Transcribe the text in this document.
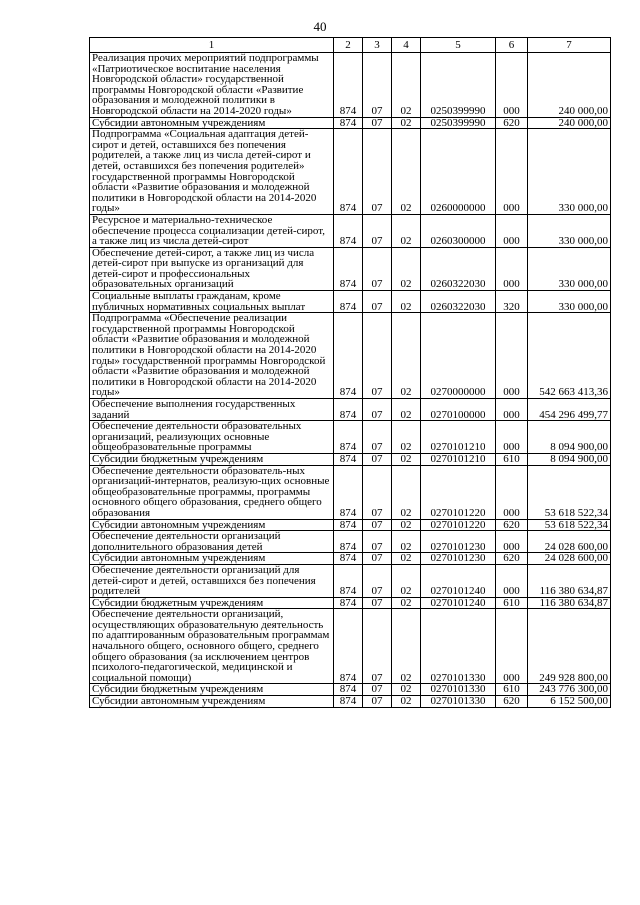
40
1	2	3	4	5	6	7
Реализация прочих мероприятий подпрограммы «Патриотическое воспитание населения Новгородской области» государственной программы Новгородской области «Развитие образования и молодежной политики в Новгородской области на 2014-2020 годы»	874	07	02	0250399990	000	240 000,00
Субсидии автономным учреждениям	874	07	02	0250399990	620	240 000,00
Подпрограмма «Социальная адаптация детей-сирот и детей, оставшихся без попечения родителей, а также лиц из числа детей-сирот и детей, оставшихся без попечения родителей» государственной программы Новгородской области «Развитие образования и молодежной политики в Новгородской области на 2014-2020 годы»	874	07	02	0260000000	000	330 000,00
Ресурсное и материально-техническое обеспечение процесса социализации детей-сирот, а также лиц из числа детей-сирот	874	07	02	0260300000	000	330 000,00
Обеспечение детей-сирот, а также лиц из числа детей-сирот при выпуске из организаций для детей-сирот и профессиональных образовательных организаций	874	07	02	0260322030	000	330 000,00
Социальные выплаты гражданам, кроме публичных нормативных социальных выплат	874	07	02	0260322030	320	330 000,00
Подпрограмма «Обеспечение реализации государственной программы Новгородской области «Развитие образования и молодежной политики в Новгородской области на 2014-2020 годы» государственной программы Новгородской области «Развитие образования и молодежной политики в Новгородской области на 2014-2020 годы»	874	07	02	0270000000	000	542 663 413,36
Обеспечение выполнения государственных заданий	874	07	02	0270100000	000	454 296 499,77
Обеспечение деятельности образовательных организаций, реализующих основные общеобразовательные программы	874	07	02	0270101210	000	8 094 900,00
Субсидии бюджетным учреждениям	874	07	02	0270101210	610	8 094 900,00
Обеспечение деятельности образователь-ных организаций-интернатов, реализую-щих основные общеобразовательные программы, программы основного общего образования, среднего общего образования	874	07	02	0270101220	000	53 618 522,34
Субсидии автономным учреждениям	874	07	02	0270101220	620	53 618 522,34
Обеспечение деятельности организаций дополнительного образования детей	874	07	02	0270101230	000	24 028 600,00
Субсидии автономным учреждениям	874	07	02	0270101230	620	24 028 600,00
Обеспечение деятельности организаций для детей-сирот и детей, оставшихся без попечения родителей	874	07	02	0270101240	000	116 380 634,87
Субсидии бюджетным учреждениям	874	07	02	0270101240	610	116 380 634,87
Обеспечение деятельности организаций, осуществляющих образовательную деятельность по адаптированным образовательным программам начального общего, основного общего, среднего общего образования (за исключением центров психолого-педагогической, медицинской и социальной помощи)	874	07	02	0270101330	000	249 928 800,00
Субсидии бюджетным учреждениям	874	07	02	0270101330	610	243 776 300,00
Субсидии автономным учреждениям	874	07	02	0270101330	620	6 152 500,00
